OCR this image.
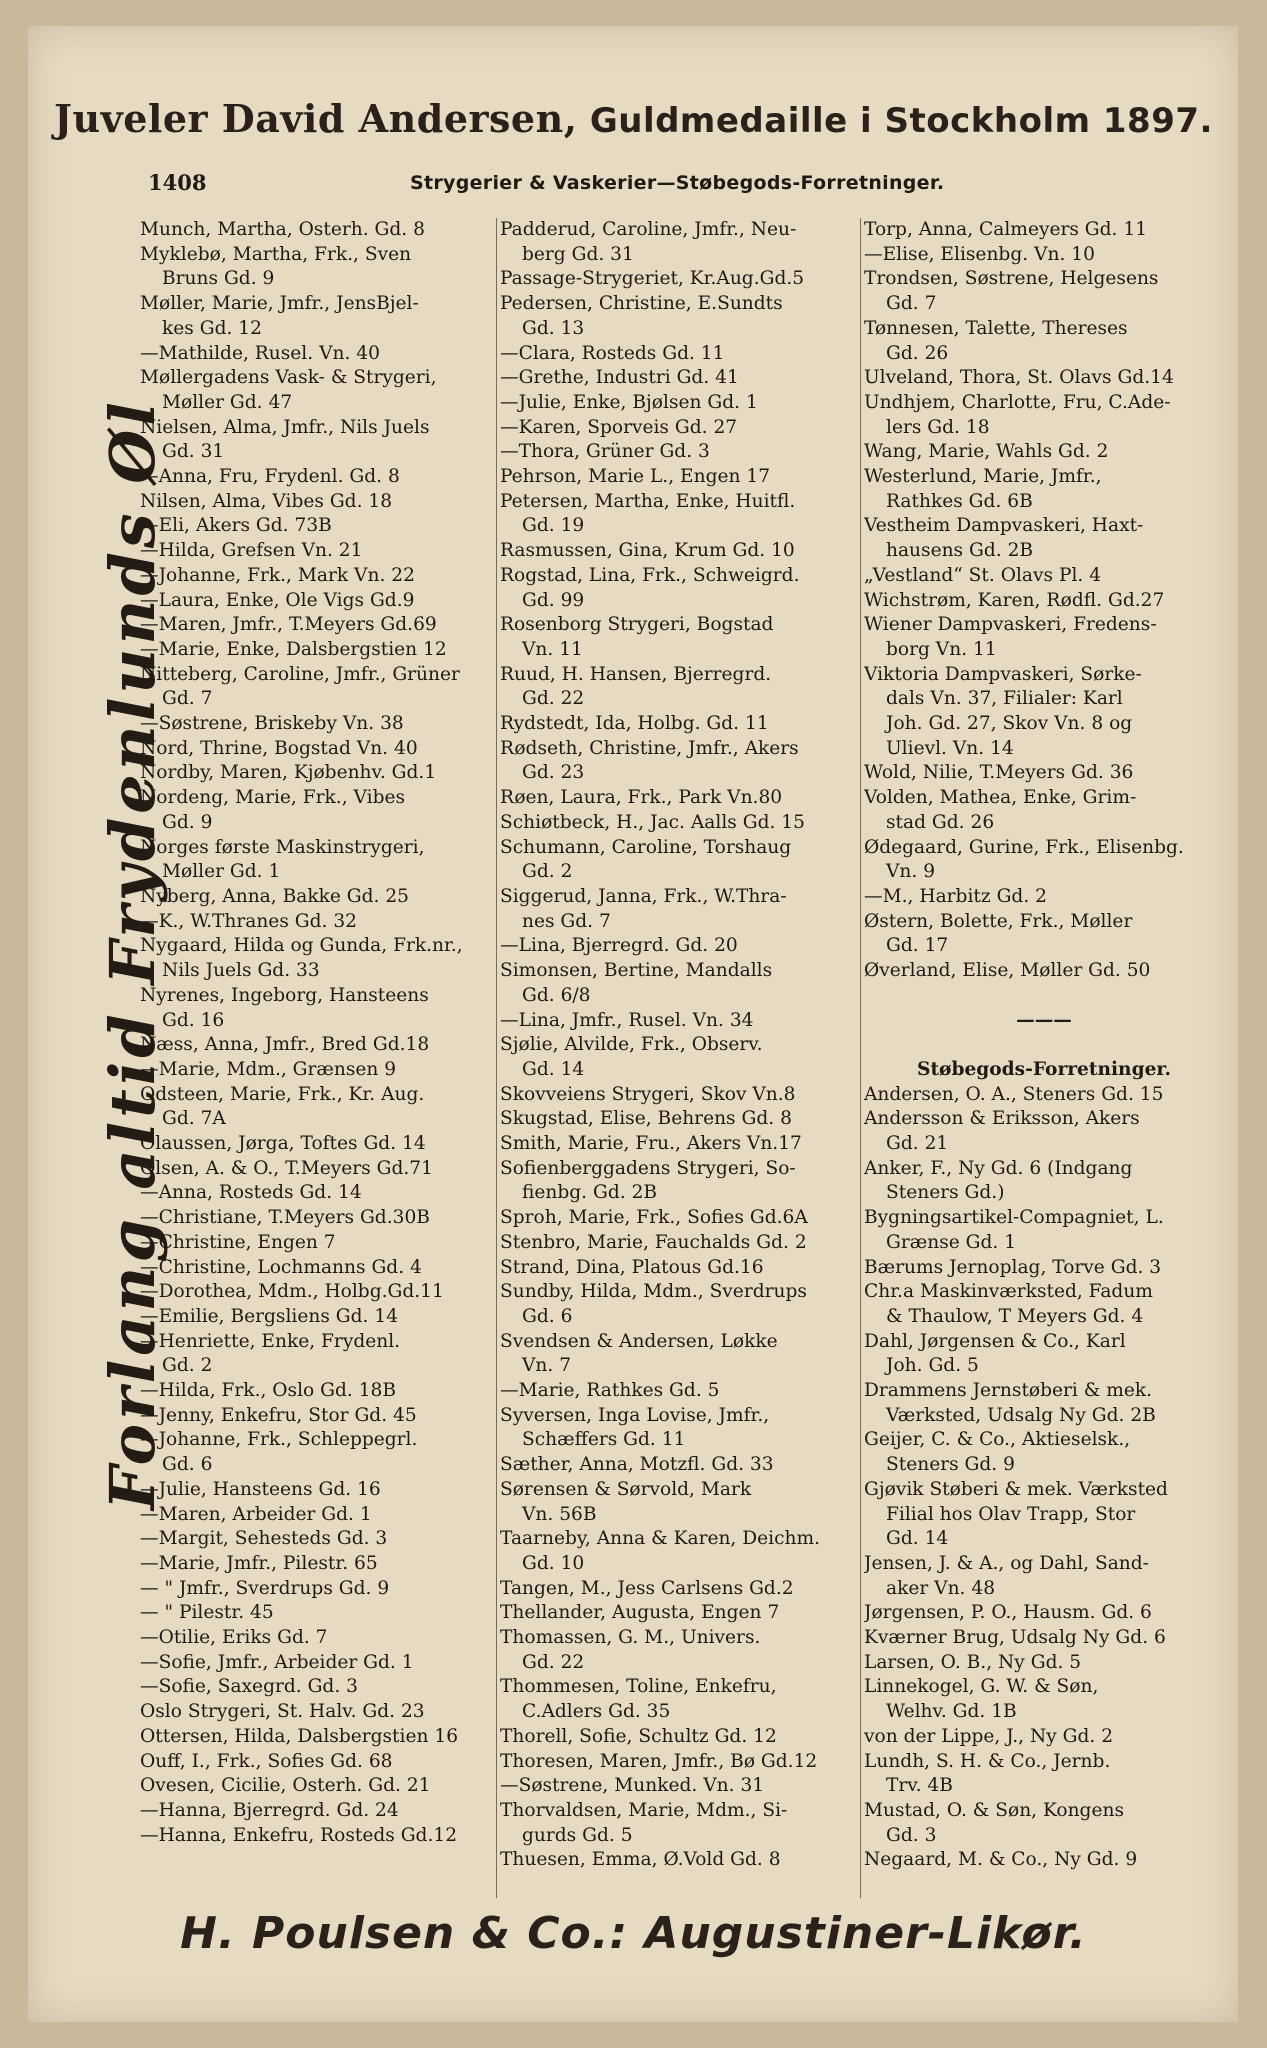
Juveler David Andersen, Guldmedaille i Stockholm 1897.
1408	Strygerier & Vaskerier—Støbegods-Forretninger.
Forlang altid Frydenlunds Øl
Munch, Martha, Osterh. Gd. 8
Myklebø, Martha, Frk., Sven
Bruns Gd. 9
Møller, Marie, Jmfr., JensBjel-
kes Gd. 12
—Mathilde, Rusel. Vn. 40
Møllergadens Vask- & Strygeri,
Møller Gd. 47
Nielsen, Alma, Jmfr., Nils Juels
Gd. 31
—Anna, Fru, Frydenl. Gd. 8
Nilsen, Alma, Vibes Gd. 18
—Eli, Akers Gd. 73B
—Hilda, Grefsen Vn. 21
—Johanne, Frk., Mark Vn. 22
—Laura, Enke, Ole Vigs Gd.9
—Maren, Jmfr., T.Meyers Gd.69
—Marie, Enke, Dalsbergstien 12
Nitteberg, Caroline, Jmfr., Grüner
Gd. 7
—Søstrene, Briskeby Vn. 38
Nord, Thrine, Bogstad Vn. 40
Nordby, Maren, Kjøbenhv. Gd.1
Nordeng, Marie, Frk., Vibes
Gd. 9
Norges første Maskinstrygeri,
Møller Gd. 1
Nyberg, Anna, Bakke Gd. 25
—K., W.Thranes Gd. 32
Nygaard, Hilda og Gunda, Frk.nr.,
Nils Juels Gd. 33
Nyrenes, Ingeborg, Hansteens
Gd. 16
Næss, Anna, Jmfr., Bred Gd.18
—Marie, Mdm., Grænsen 9
Odsteen, Marie, Frk., Kr. Aug.
Gd. 7A
Olaussen, Jørga, Toftes Gd. 14
Olsen, A. & O., T.Meyers Gd.71
—Anna, Rosteds Gd. 14
—Christiane, T.Meyers Gd.30B
—Christine, Engen 7
—Christine, Lochmanns Gd. 4
—Dorothea, Mdm., Holbg.Gd.11
—Emilie, Bergsliens Gd. 14
—Henriette, Enke, Frydenl.
Gd. 2
—Hilda, Frk., Oslo Gd. 18B
—Jenny, Enkefru, Stor Gd. 45
—Johanne, Frk., Schleppegrl.
Gd. 6
—Julie, Hansteens Gd. 16
—Maren, Arbeider Gd. 1
—Margit, Sehesteds Gd. 3
—Marie, Jmfr., Pilestr. 65
— " Jmfr., Sverdrups Gd. 9
— " Pilestr. 45
—Otilie, Eriks Gd. 7
—Sofie, Jmfr., Arbeider Gd. 1
—Sofie, Saxegrd. Gd. 3
Oslo Strygeri, St. Halv. Gd. 23
Ottersen, Hilda, Dalsbergstien 16
Ouff, I., Frk., Sofies Gd. 68
Ovesen, Cicilie, Osterh. Gd. 21
—Hanna, Bjerregrd. Gd. 24
—Hanna, Enkefru, Rosteds Gd.12
Padderud, Caroline, Jmfr., Neu-
berg Gd. 31
Passage-Strygeriet, Kr.Aug.Gd.5
Pedersen, Christine, E.Sundts
Gd. 13
—Clara, Rosteds Gd. 11
—Grethe, Industri Gd. 41
—Julie, Enke, Bjølsen Gd. 1
—Karen, Sporveis Gd. 27
—Thora, Grüner Gd. 3
Pehrson, Marie L., Engen 17
Petersen, Martha, Enke, Huitfl.
Gd. 19
Rasmussen, Gina, Krum Gd. 10
Rogstad, Lina, Frk., Schweigrd.
Gd. 99
Rosenborg Strygeri, Bogstad
Vn. 11
Ruud, H. Hansen, Bjerregrd.
Gd. 22
Rydstedt, Ida, Holbg. Gd. 11
Rødseth, Christine, Jmfr., Akers
Gd. 23
Røen, Laura, Frk., Park Vn.80
Schiøtbeck, H., Jac. Aalls Gd. 15
Schumann, Caroline, Torshaug
Gd. 2
Siggerud, Janna, Frk., W.Thra-
nes Gd. 7
—Lina, Bjerregrd. Gd. 20
Simonsen, Bertine, Mandalls
Gd. 6/8
—Lina, Jmfr., Rusel. Vn. 34
Sjølie, Alvilde, Frk., Observ.
Gd. 14
Skovveiens Strygeri, Skov Vn.8
Skugstad, Elise, Behrens Gd. 8
Smith, Marie, Fru., Akers Vn.17
Sofienberggadens Strygeri, So-
fienbg. Gd. 2B
Sproh, Marie, Frk., Sofies Gd.6A
Stenbro, Marie, Fauchalds Gd. 2
Strand, Dina, Platous Gd.16
Sundby, Hilda, Mdm., Sverdrups
Gd. 6
Svendsen & Andersen, Løkke
Vn. 7
—Marie, Rathkes Gd. 5
Syversen, Inga Lovise, Jmfr.,
Schæffers Gd. 11
Sæther, Anna, Motzfl. Gd. 33
Sørensen & Sørvold, Mark
Vn. 56B
Taarneby, Anna & Karen, Deichm.
Gd. 10
Tangen, M., Jess Carlsens Gd.2
Thellander, Augusta, Engen 7
Thomassen, G. M., Univers.
Gd. 22
Thommesen, Toline, Enkefru,
C.Adlers Gd. 35
Thorell, Sofie, Schultz Gd. 12
Thoresen, Maren, Jmfr., Bø Gd.12
—Søstrene, Munked. Vn. 31
Thorvaldsen, Marie, Mdm., Si-
gurds Gd. 5
Thuesen, Emma, Ø.Vold Gd. 8
Torp, Anna, Calmeyers Gd. 11
—Elise, Elisenbg. Vn. 10
Trondsen, Søstrene, Helgesens
Gd. 7
Tønnesen, Talette, Thereses
Gd. 26
Ulveland, Thora, St. Olavs Gd.14
Undhjem, Charlotte, Fru, C.Ade-
lers Gd. 18
Wang, Marie, Wahls Gd. 2
Westerlund, Marie, Jmfr.,
Rathkes Gd. 6B
Vestheim Dampvaskeri, Haxt-
hausens Gd. 2B
„Vestland“ St. Olavs Pl. 4
Wichstrøm, Karen, Rødfl. Gd.27
Wiener Dampvaskeri, Fredens-
borg Vn. 11
Viktoria Dampvaskeri, Sørke-
dals Vn. 37, Filialer: Karl
Joh. Gd. 27, Skov Vn. 8 og
Ulievl. Vn. 14
Wold, Nilie, T.Meyers Gd. 36
Volden, Mathea, Enke, Grim-
stad Gd. 26
Ødegaard, Gurine, Frk., Elisenbg.
Vn. 9
—M., Harbitz Gd. 2
Østern, Bolette, Frk., Møller
Gd. 17
Øverland, Elise, Møller Gd. 50

———

Støbegods-Forretninger.
Andersen, O. A., Steners Gd. 15
Andersson & Eriksson, Akers
Gd. 21
Anker, F., Ny Gd. 6 (Indgang
Steners Gd.)
Bygningsartikel-Compagniet, L.
Grænse Gd. 1
Bærums Jernoplag, Torve Gd. 3
Chr.a Maskinværksted, Fadum
& Thaulow, T Meyers Gd. 4
Dahl, Jørgensen & Co., Karl
Joh. Gd. 5
Drammens Jernstøberi & mek.
Værksted, Udsalg Ny Gd. 2B
Geijer, C. & Co., Aktieselsk.,
Steners Gd. 9
Gjøvik Støberi & mek. Værksted
Filial hos Olav Trapp, Stor
Gd. 14
Jensen, J. & A., og Dahl, Sand-
aker Vn. 48
Jørgensen, P. O., Hausm. Gd. 6
Kværner Brug, Udsalg Ny Gd. 6
Larsen, O. B., Ny Gd. 5
Linnekogel, G. W. & Søn,
Welhv. Gd. 1B
von der Lippe, J., Ny Gd. 2
Lundh, S. H. & Co., Jernb.
Trv. 4B
Mustad, O. & Søn, Kongens
Gd. 3
Negaard, M. & Co., Ny Gd. 9
H. Poulsen & Co.: Augustiner-Likør.
